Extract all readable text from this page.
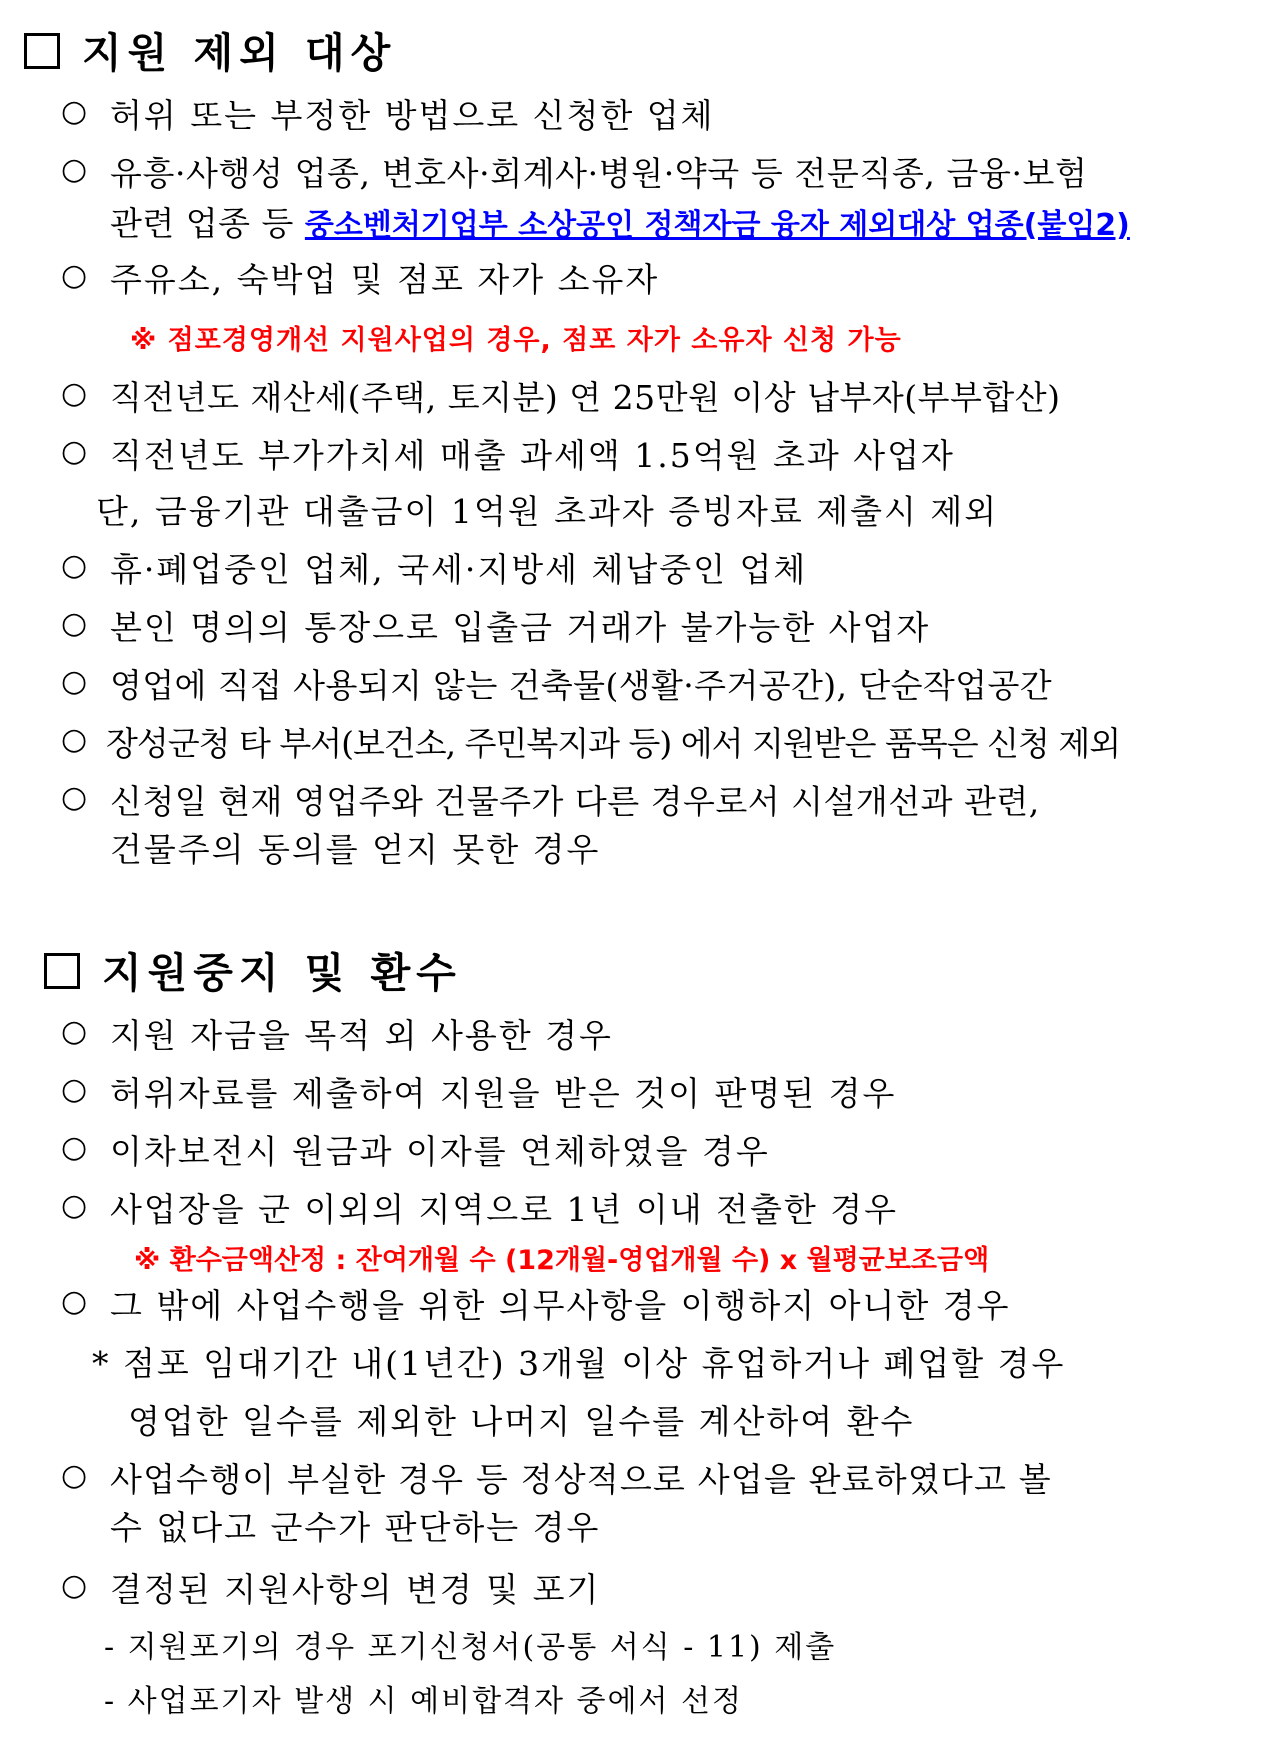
지원 제외 대상
○ 허위 또는 부정한 방법으로 신청한 업체
○ 유흥·사행성 업종, 변호사·회계사·병원·약국 등 전문직종, 금융·보험
관련 업종 등 중소벤처기업부 소상공인 정책자금 융자 제외대상 업종(붙임2)
○ 주유소, 숙박업 및 점포 자가 소유자
※ 점포경영개선 지원사업의 경우, 점포 자가 소유자 신청 가능
○ 직전년도 재산세(주택, 토지분) 연 25만원 이상 납부자(부부합산)
○ 직전년도 부가가치세 매출 과세액 1.5억원 초과 사업자
단, 금융기관 대출금이 1억원 초과자 증빙자료 제출시 제외
○ 휴·폐업중인 업체, 국세·지방세 체납중인 업체
○ 본인 명의의 통장으로 입출금 거래가 불가능한 사업자
○ 영업에 직접 사용되지 않는 건축물(생활·주거공간), 단순작업공간
○ 장성군청 타 부서(보건소, 주민복지과 등) 에서 지원받은 품목은 신청 제외
○ 신청일 현재 영업주와 건물주가 다른 경우로서 시설개선과 관련,
건물주의 동의를 얻지 못한 경우
지원중지 및 환수
○ 지원 자금을 목적 외 사용한 경우
○ 허위자료를 제출하여 지원을 받은 것이 판명된 경우
○ 이차보전시 원금과 이자를 연체하였을 경우
○ 사업장을 군 이외의 지역으로 1년 이내 전출한 경우
※ 환수금액산정 : 잔여개월 수 (12개월-영업개월 수) x 월평균보조금액
○ 그 밖에 사업수행을 위한 의무사항을 이행하지 아니한 경우
* 점포 임대기간 내(1년간) 3개월 이상 휴업하거나 폐업할 경우
영업한 일수를 제외한 나머지 일수를 계산하여 환수
○ 사업수행이 부실한 경우 등 정상적으로 사업을 완료하였다고 볼
수 없다고 군수가 판단하는 경우
○ 결정된 지원사항의 변경 및 포기
- 지원포기의 경우 포기신청서(공통 서식 - 11) 제출
- 사업포기자 발생 시 예비합격자 중에서 선정
